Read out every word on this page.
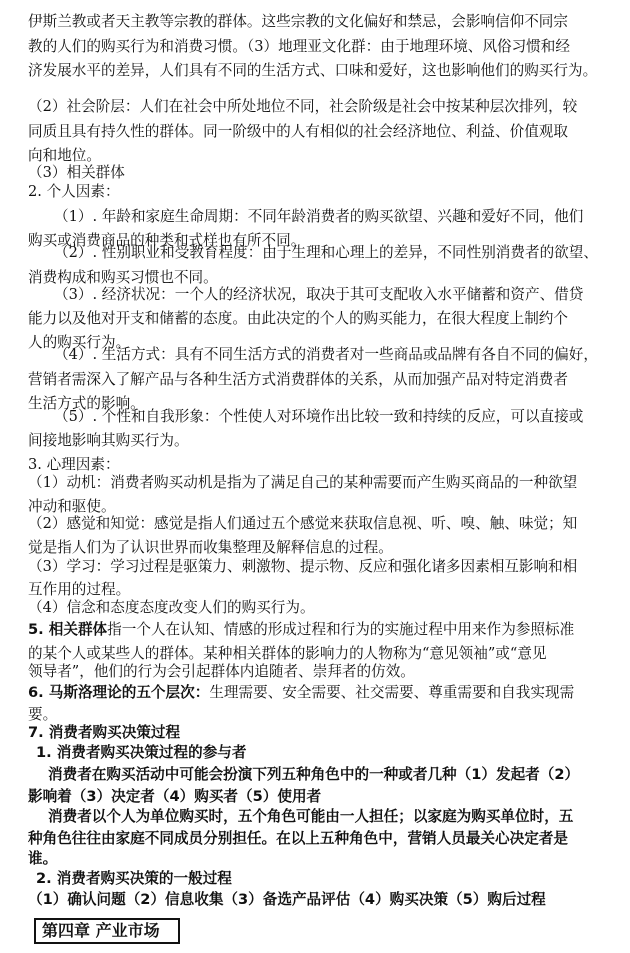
伊斯兰教或者天主教等宗教的群体。这些宗教的文化偏好和禁忌，会影响信仰不同宗
教的人们的购买行为和消费习惯。（3）地理亚文化群：由于地理环境、风俗习惯和经
济发展水平的差异，人们具有不同的生活方式、口味和爱好，这也影响他们的购买行为。
（2）社会阶层：人们在社会中所处地位不同，社会阶级是社会中按某种层次排列，较
同质且具有持久性的群体。同一阶级中的人有相似的社会经济地位、利益、价值观取
向和地位。
（3）相关群体
2. 个人因素：
（1）. 年龄和家庭生命周期：不同年龄消费者的购买欲望、兴趣和爱好不同，他们
购买或消费商品的种类和式样也有所不同。
（2）. 性别职业和受教育程度：由于生理和心理上的差异，不同性别消费者的欲望、
消费构成和购买习惯也不同。
（3）. 经济状况：一个人的经济状况，取决于其可支配收入水平储蓄和资产、借贷
能力以及他对开支和储蓄的态度。由此决定的个人的购买能力，在很大程度上制约个
人的购买行为。
（4）. 生活方式：具有不同生活方式的消费者对一些商品或品牌有各自不同的偏好，
营销者需深入了解产品与各种生活方式消费群体的关系，从而加强产品对特定消费者
生活方式的影响。
（5）. 个性和自我形象：个性使人对环境作出比较一致和持续的反应，可以直接或
间接地影响其购买行为。
3. 心理因素：
（1）动机：消费者购买动机是指为了满足自己的某种需要而产生购买商品的一种欲望
冲动和驱使。
（2）感觉和知觉：感觉是指人们通过五个感觉来获取信息视、听、嗅、触、味觉；知
觉是指人们为了认识世界而收集整理及解释信息的过程。
（3）学习：学习过程是驱策力、刺激物、提示物、反应和强化诸多因素相互影响和相
互作用的过程。
（4）信念和态度态度改变人们的购买行为。
5. 相关群体指一个人在认知、情感的形成过程和行为的实施过程中用来作为参照标准
的某个人或某些人的群体。某种相关群体的影响力的人物称为“意见领袖”或“意见
领导者”，他们的行为会引起群体内追随者、崇拜者的仿效。
6. 马斯洛理论的五个层次：生理需要、安全需要、社交需要、尊重需要和自我实现需
要。
7. 消费者购买决策过程
1. 消费者购买决策过程的参与者
消费者在购买活动中可能会扮演下列五种角色中的一种或者几种（1）发起者（2）
影响着（3）决定者（4）购买者（5）使用者
消费者以个人为单位购买时，五个角色可能由一人担任；以家庭为购买单位时，五
种角色往往由家庭不同成员分别担任。在以上五种角色中，营销人员最关心决定者是
谁。
2. 消费者购买决策的一般过程
（1）确认问题（2）信息收集（3）备选产品评估（4）购买决策（5）购后过程
第四章 产业市场
